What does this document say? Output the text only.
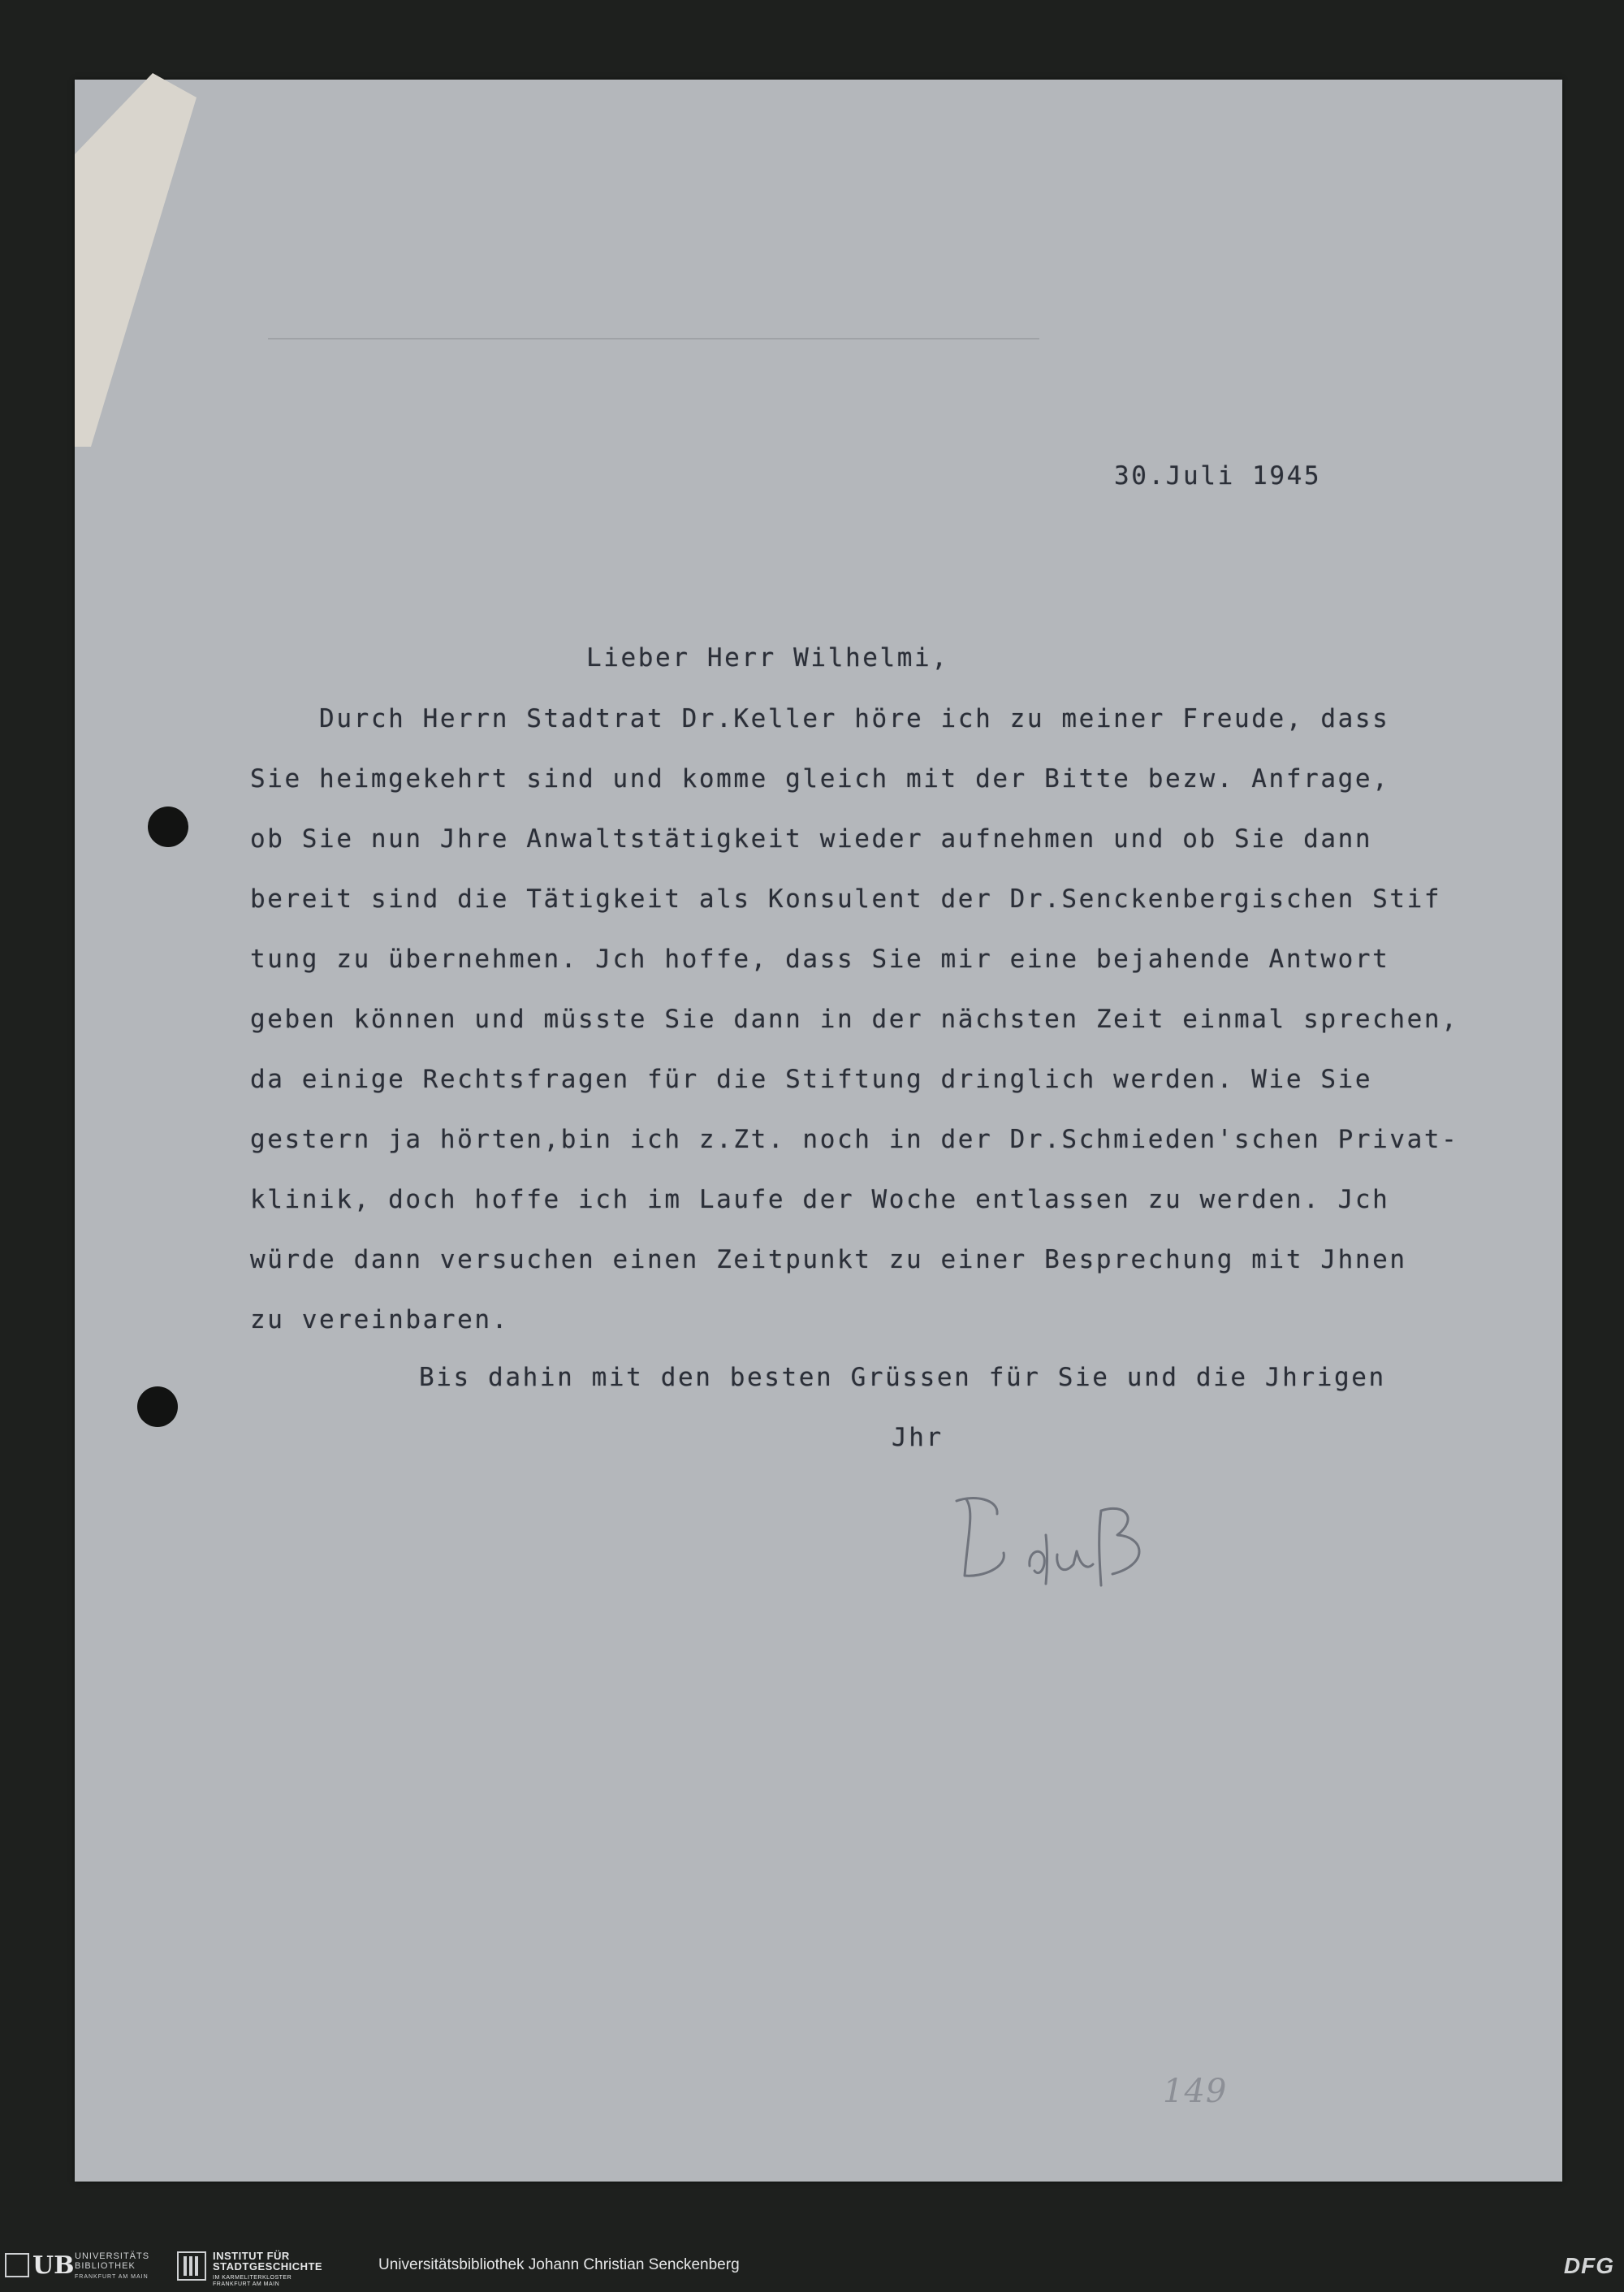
30.Juli 1945
Lieber Herr Wilhelmi,
Durch Herrn Stadtrat Dr.Keller höre ich zu meiner Freude, dass
Sie heimgekehrt sind und komme gleich mit der Bitte bezw. Anfrage,
ob Sie nun Jhre Anwaltstätigkeit wieder aufnehmen und ob Sie dann
bereit sind die Tätigkeit als Konsulent der Dr.Senckenbergischen Stif
tung zu übernehmen. Jch hoffe, dass Sie mir eine bejahende Antwort
geben können und müsste Sie dann in der nächsten Zeit einmal sprechen,
da einige Rechtsfragen für die Stiftung dringlich werden. Wie Sie
gestern ja hörten,bin ich z.Zt. noch in der Dr.Schmieden'schen Privat-
klinik, doch hoffe ich im Laufe der Woche entlassen zu werden. Jch
würde dann versuchen einen Zeitpunkt zu einer Besprechung mit Jhnen
zu vereinbaren.
Bis dahin mit den besten Grüssen für Sie und die Jhrigen
Jhr
149
UB UNIVERSITÄTS
BIBLIOTHEK
FRANKFURT AM MAIN
INSTITUT FÜR
STADTGESCHICHTE
IM KARMELITERKLOSTER
FRANKFURT AM MAIN
Universitätsbibliothek Johann Christian Senckenberg	DFG
